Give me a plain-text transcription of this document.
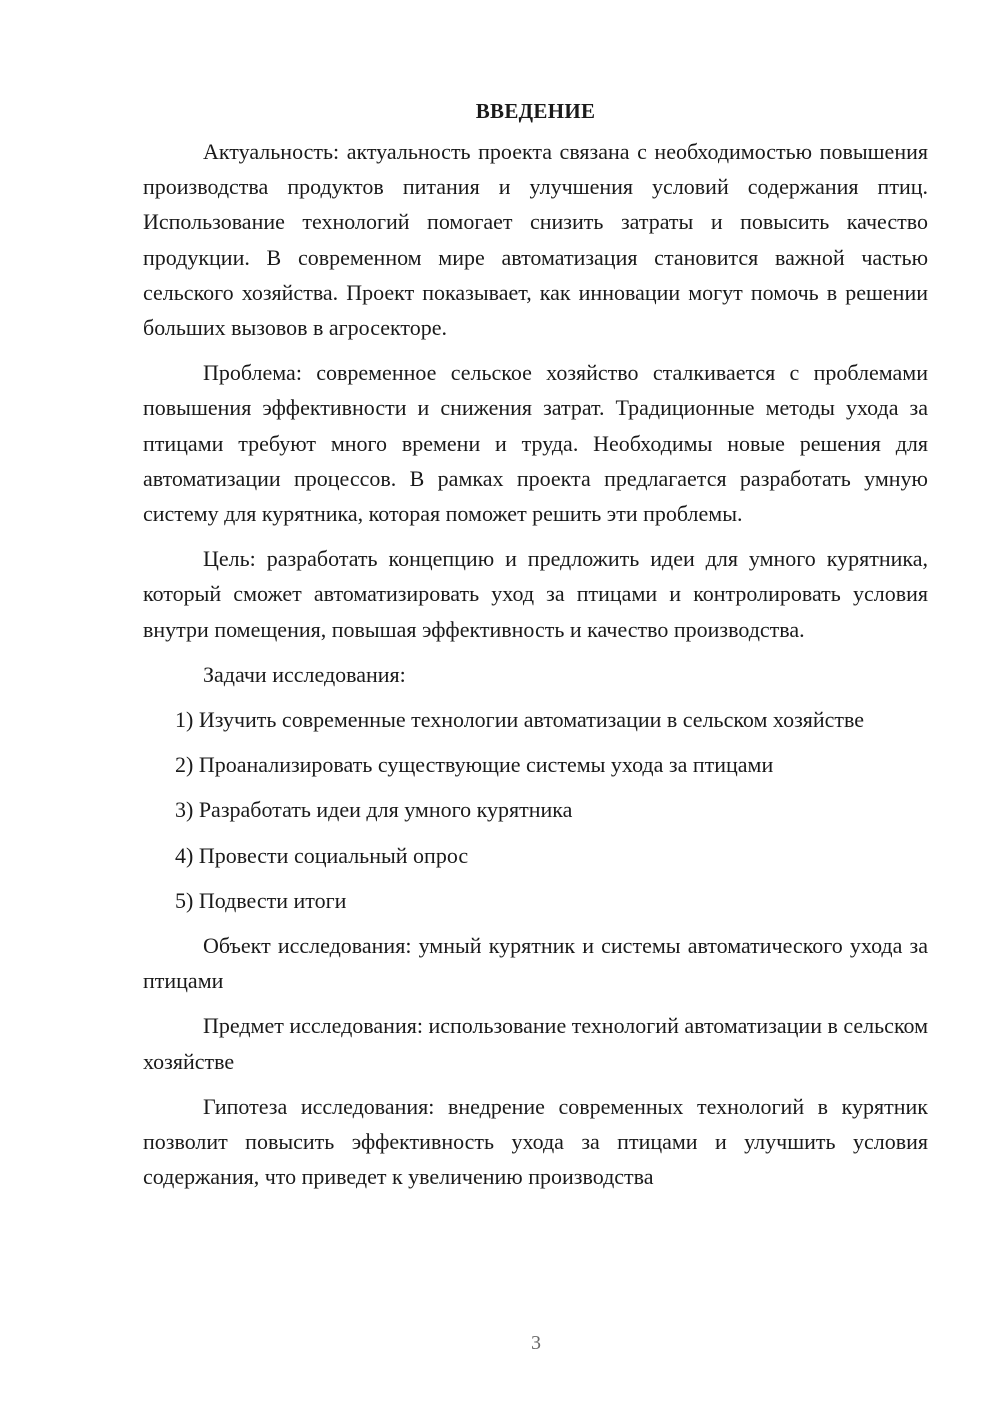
ВВЕДЕНИЕ

Актуальность: актуальность проекта связана с необходимостью повышения производства продуктов питания и улучшения условий содержания птиц. Использование технологий помогает снизить затраты и повысить качество продукции. В современном мире автоматизация становится важной частью сельского хозяйства. Проект показывает, как инновации могут помочь в решении больших вызовов в агросекторе.

Проблема: современное сельское хозяйство сталкивается с проблемами повышения эффективности и снижения затрат. Традиционные методы ухода за птицами требуют много времени и труда. Необходимы новые решения для автоматизации процессов. В рамках проекта предлагается разработать умную систему для курятника, которая поможет решить эти проблемы.

Цель: разработать концепцию и предложить идеи для умного курятника, который сможет автоматизировать уход за птицами и контролировать условия внутри помещения, повышая эффективность и качество производства.

Задачи исследования:

1) Изучить современные технологии автоматизации в сельском хозяйстве
2) Проанализировать существующие системы ухода за птицами
3) Разработать идеи для умного курятника
4) Провести социальный опрос
5) Подвести итоги

Объект исследования: умный курятник и системы автоматического ухода за птицами

Предмет исследования: использование технологий автоматизации в сельском хозяйстве

Гипотеза исследования: внедрение современных технологий в курятник позволит повысить эффективность ухода за птицами и улучшить условия содержания, что приведет к увеличению производства

3
